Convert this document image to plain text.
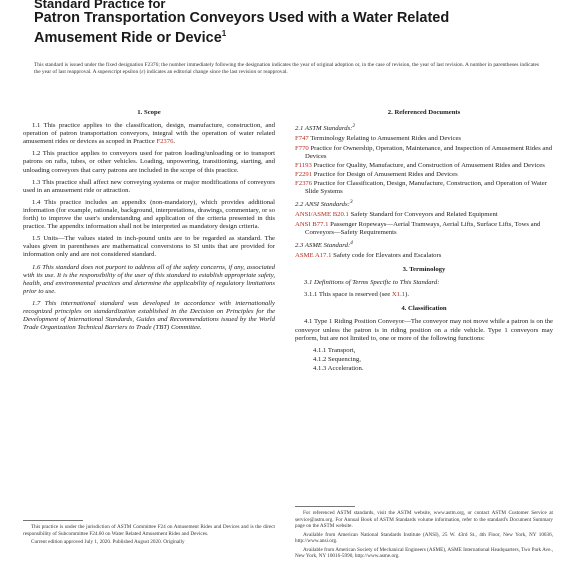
Standard Practice for
Patron Transportation Conveyors Used with a Water Related
Amusement Ride or Device$^1$
This standard is issued under the fixed designation F2376; the number immediately following the designation indicates the year of original adoption or, in the case of revision, the year of last revision. A number in parentheses indicates the year of last reapproval. A superscript epsilon (ε) indicates an editorial change since the last revision or reapproval.
1. Scope

1.1 This practice applies to the classification, design, manufacture, construction, and operation of patron transportation conveyors, integral with the operation of water related amusement rides or devices as scoped in Practice F2376.

1.2 This practice applies to conveyors used for patron loading/unloading or to transport patrons on rafts, tubes, or other vehicles. Loading, unpowering, transitioning, starting, and unloading conveyors that carry patrons are included in the scope of this practice.

1.3 This practice shall affect new conveying systems or major modifications of conveyors used in an amusement ride or attraction.

1.4 This practice includes an appendix (non-mandatory), which provides additional information (for example, rationale, background, interpretations, drawings, commentary, or so forth) to improve the user's understanding and application of the criteria presented in this practice. The appendix information shall not be interpreted as mandatory design criteria.

1.5 Units—The values stated in inch-pound units are to be regarded as standard. The values given in parentheses are mathematical conversions to SI units that are provided for information only and are not considered standard.

1.6 This standard does not purport to address all of the safety concerns, if any, associated with its use. It is the responsibility of the user of this standard to establish appropriate safety, health, and environmental practices and determine the applicability of regulatory limitations prior to use.

1.7 This international standard was developed in accordance with internationally recognized principles on standardization established in the Decision on Principles for the Development of International Standards, Guides and Recommendations issued by the World Trade Organization Technical Barriers to Trade (TBT) Committee.

This practice is under the jurisdiction of ASTM Committee F24 on Amusement Rides and Devices and is the direct responsibility of Subcommittee F24.60 on Water Related Amusement Rides and Devices.
Current edition approved July 1, 2020. Published August 2020. Originally
2. Referenced Documents
2.1 ASTM Standards:$^2$
F747 Terminology Relating to Amusement Rides and Devices
F770 Practice for Ownership, Operation, Maintenance, and Inspection of Amusement Rides and Devices
F1193 Practice for Quality, Manufacture, and Construction of Amusement Rides and Devices
F2291 Practice for Design of Amusement Rides and Devices
F2376 Practice for Classification, Design, Manufacture, Construction, and Operation of Water Slide Systems
2.2 ANSI Standards:$^3$
ANSI/ASME B20.1 Safety Standard for Conveyors and Related Equipment
ANSI B77.1 Passenger Ropeways—Aerial Tramways, Aerial Lifts, Surface Lifts, Tows and Conveyors—Safety Requirements
2.3 ASME Standard:$^4$
ASME A17.1 Safety code for Elevators and Escalators
3. Terminology

3.1 Definitions of Terms Specific to This Standard:

3.1.1 This space is reserved (see X1.1).

4. Classification

4.1 Type 1 Riding Position Conveyor—The conveyor may not move while a patron is on the conveyor unless the patron is in riding position on a ride vehicle. Type 1 conveyors may perform, but are not limited to, one or more of the following functions:

4.1.1 Transport,
4.1.2 Sequencing,
4.1.3 Acceleration.
For referenced ASTM standards, visit the ASTM website, www.astm.org, or contact ASTM Customer Service at service@astm.org. For Annual Book of ASTM Standards volume information, refer to the standard's Document Summary page on the ASTM website.
Available from American National Standards Institute (ANSI), 25 W. 43rd St., 4th Floor, New York, NY 10036, http://www.ansi.org.
Available from American Society of Mechanical Engineers (ASME), ASME International Headquarters, Two Park Ave., New York, NY 10016-5990, http://www.asme.org.
